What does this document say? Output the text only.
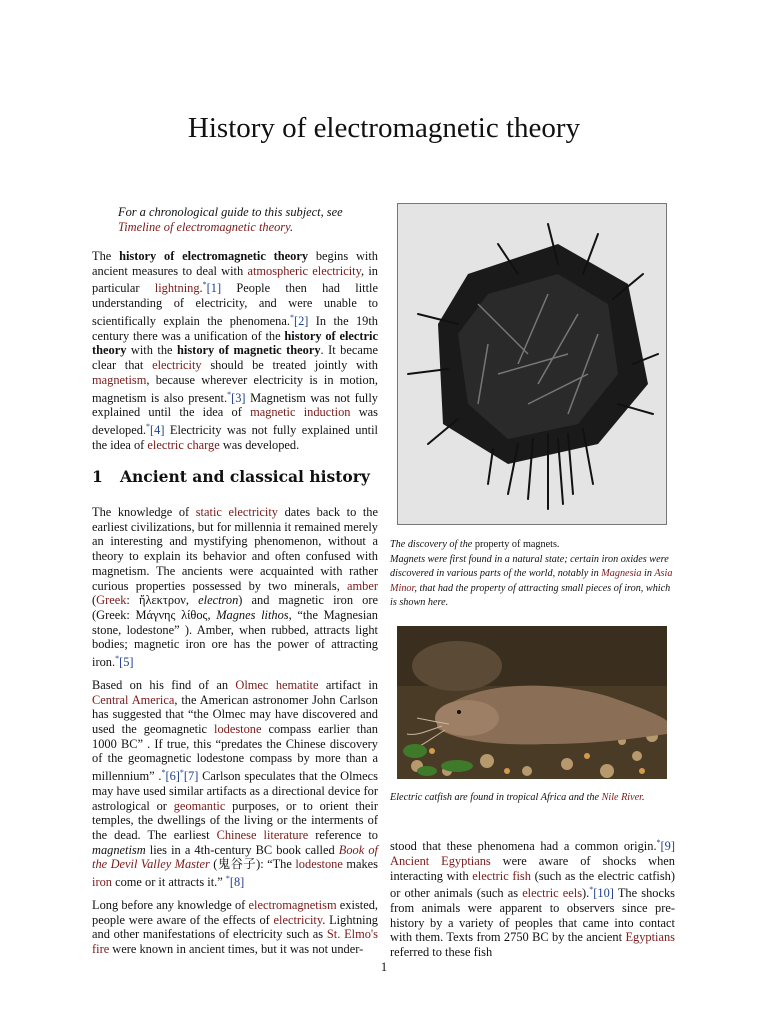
History of electromagnetic theory
For a chronological guide to this subject, see Timeline of electromagnetic theory.

The history of electromagnetic theory begins with ancient measures to deal with atmospheric electricity, in particular lightning.*[1] People then had little understanding of electricity, and were unable to scientifically explain the phenomena.*[2] In the 19th century there was a unification of the history of electric theory with the history of magnetic theory. It became clear that electricity should be treated jointly with magnetism, because wherever electricity is in motion, magnetism is also present.*[3] Magnetism was not fully explained until the idea of magnetic induction was developed.*[4] Electricity was not fully explained until the idea of electric charge was developed.

1 Ancient and classical history

The knowledge of static electricity dates back to the earliest civilizations, but for millennia it remained merely an interesting and mystifying phenomenon, without a theory to explain its behavior and often confused with magnetism. The ancients were acquainted with rather curious properties possessed by two minerals, amber (Greek: ἤλεκτρον, electron) and magnetic iron ore (Greek: Μάγνης λίθος, Magnes lithos, “the Magnesian stone, lodestone” ). Amber, when rubbed, attracts light bodies; magnetic iron ore has the power of attracting iron.*[5]

Based on his find of an Olmec hematite artifact in Central America, the American astronomer John Carlson has suggested that “the Olmec may have discovered and used the geomagnetic lodestone compass earlier than 1000 BC” . If true, this “predates the Chinese discovery of the geomagnetic lodestone compass by more than a millennium” .*[6]*[7] Carlson speculates that the Olmecs may have used similar artifacts as a directional device for astrological or geomantic purposes, or to orient their temples, the dwellings of the living or the interments of the dead. The earliest Chinese literature reference to magnetism lies in a 4th-century BC book called Book of the Devil Valley Master (鬼谷子): “The lodestone makes iron come or it attracts it.” *[8]

Long before any knowledge of electromagnetism existed, people were aware of the effects of electricity. Lightning and other manifestations of electricity such as St. Elmo's fire were known in ancient times, but it was not under-

The discovery of the property of magnets.
Magnets were first found in a natural state; certain iron oxides were discovered in various parts of the world, notably in Magnesia in Asia Minor, that had the property of attracting small pieces of iron, which is shown here.
Electric catfish are found in tropical Africa and the Nile River.

stood that these phenomena had a common origin.*[9] Ancient Egyptians were aware of shocks when interacting with electric fish (such as the electric catfish) or other animals (such as electric eels).*[10] The shocks from animals were apparent to observers since pre-history by a variety of peoples that came into contact with them. Texts from 2750 BC by the ancient Egyptians referred to these fish

1
